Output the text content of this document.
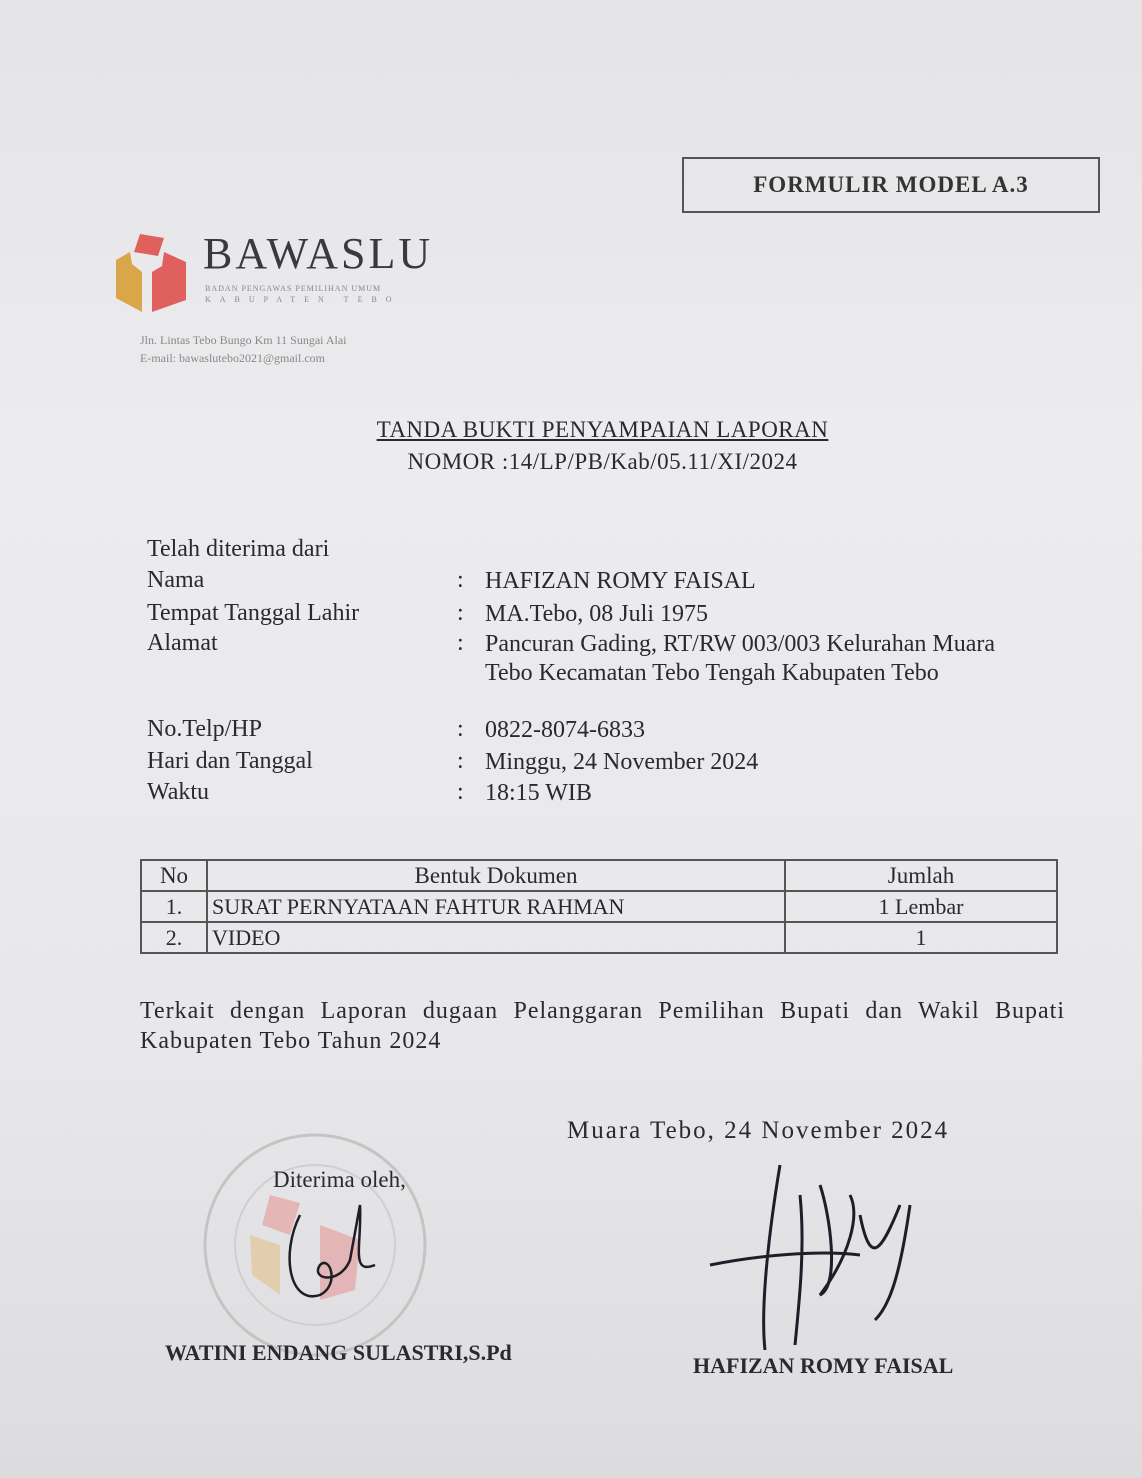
FORMULIR MODEL A.3
BAWASLU
BADAN PENGAWAS PEMILIHAN UMUM
KABUPATEN TEBO
Jln. Lintas Tebo Bungo Km 11 Sungai Alai
E-mail: bawaslutebo2021@gmail.com
TANDA BUKTI PENYAMPAIAN LAPORAN
NOMOR :14/LP/PB/Kab/05.11/XI/2024
Telah diterima dari
Nama	: HAFIZAN ROMY FAISAL
Tempat Tanggal Lahir	: MA.Tebo, 08 Juli 1975
Alamat	: Pancuran Gading, RT/RW 003/003 Kelurahan Muara Tebo Kecamatan Tebo Tengah Kabupaten Tebo
No.Telp/HP	: 0822-8074-6833
Hari dan Tanggal	: Minggu, 24 November 2024
Waktu	: 18:15 WIB
No	Bentuk Dokumen	Jumlah
1.	SURAT PERNYATAAN FAHTUR RAHMAN	1 Lembar
2.	VIDEO	1
Terkait dengan Laporan dugaan Pelanggaran Pemilihan Bupati dan Wakil Bupati Kabupaten Tebo Tahun 2024
Muara Tebo, 24 November 2024
Diterima oleh,
WATINI ENDANG SULASTRI,S.Pd
HAFIZAN ROMY FAISAL
